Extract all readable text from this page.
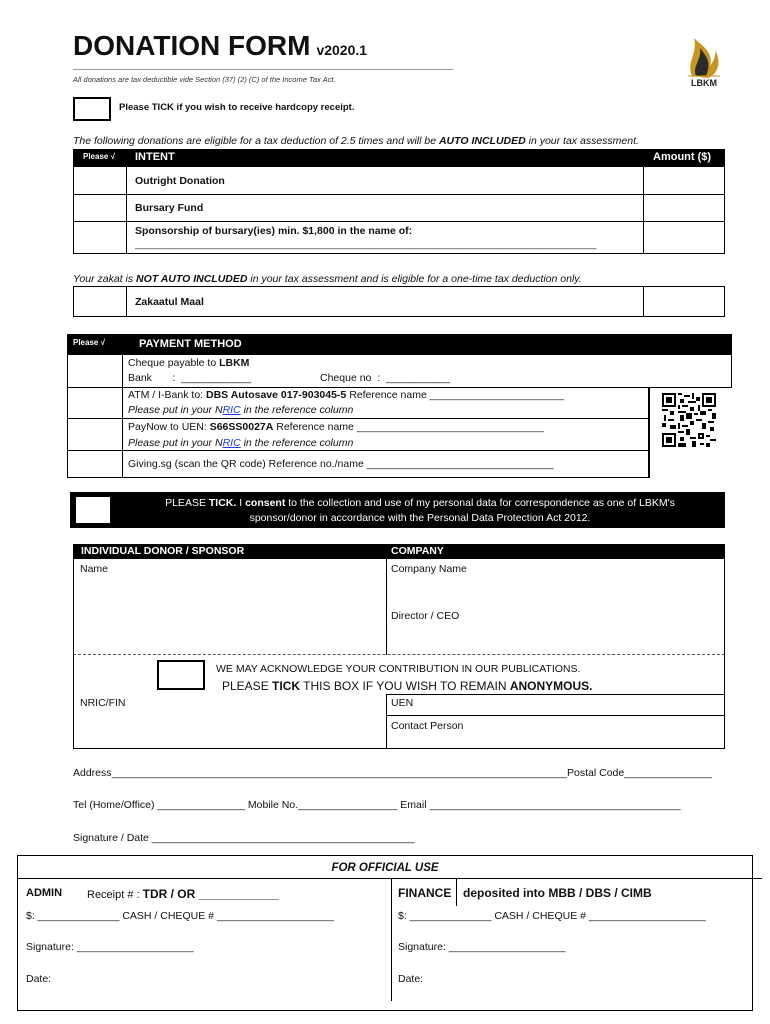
DONATION FORM v2020.1
All donations are tax deductible vide Section (37) (2) (C) of the Income Tax Act.	LBKM
Please TICK if you wish to receive hardcopy receipt.
The following donations are eligible for a tax deduction of 2.5 times and will be AUTO INCLUDED in your tax assessment.
Please √ INTENT	Amount ($)
Outright Donation
Bursary Fund
Sponsorship of bursary(ies) min. $1,800 in the name of:
_______________________________________________________________________________
Your zakat is NOT AUTO INCLUDED in your tax assessment and is eligible for a one-time tax deduction only.
Zakaatul Maal
Please √	PAYMENT METHOD
Cheque payable to LBKM
Bank       :  ____________	Cheque no  :  ___________
ATM / I-Bank to: DBS Autosave 017-903045-5 Reference name _______________________
Please put in your NRIC in the reference column
PayNow to UEN: S66SS0027A Reference name ________________________________
Please put in your NRIC in the reference column
Giving.sg (scan the QR code) Reference no./name ________________________________
PLEASE TICK. I consent to the collection and use of my personal data for correspondence as one of LBKM's
sponsor/donor in accordance with the Personal Data Protection Act 2012.
INDIVIDUAL DONOR / SPONSOR	COMPANY
Name	Company Name
Director / CEO
WE MAY ACKNOWLEDGE YOUR CONTRIBUTION IN OUR PUBLICATIONS.
PLEASE TICK THIS BOX IF YOU WISH TO REMAIN ANONYMOUS.
NRIC/FIN	UEN
Contact Person
Address______________________________________________________________________________Postal Code_______________
Tel (Home/Office) _______________ Mobile No._________________ Email ___________________________________________
Signature / Date _____________________________________________
FOR OFFICIAL USE
ADMIN Receipt # : TDR / OR ____________
$: ______________ CASH / CHEQUE # ____________________
Signature: ____________________
Date:
FINANCE deposited into MBB / DBS / CIMB
$: ______________ CASH / CHEQUE # ____________________
Signature: ____________________
Date:
